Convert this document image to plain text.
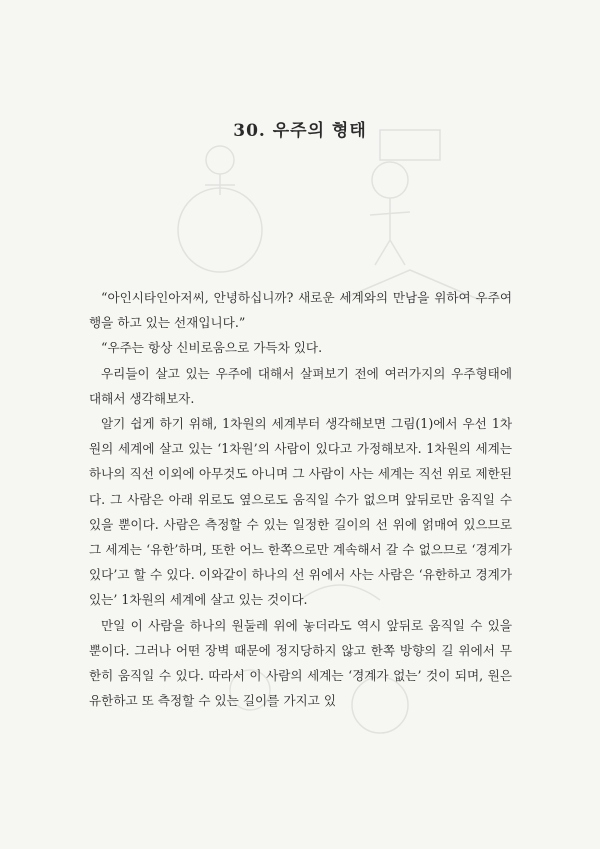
30. 우주의 형태

“아인시타인아저씨, 안녕하십니까? 새로운 세계와의 만남을 위하여 우주여행을 하고 있는 선재입니다.”

“우주는 항상 신비로움으로 가득차 있다.

우리들이 살고 있는 우주에 대해서 살펴보기 전에 여러가지의 우주형태에 대해서 생각해보자.

알기 쉽게 하기 위해, 1차원의 세계부터 생각해보면 그림(1)에서 우선 1차원의 세계에 살고 있는 ‘1차원’의 사람이 있다고 가정해보자. 1차원의 세계는 하나의 직선 이외에 아무것도 아니며 그 사람이 사는 세계는 직선 위로 제한된다. 그 사람은 아래 위로도 옆으로도 움직일 수가 없으며 앞뒤로만 움직일 수 있을 뿐이다. 사람은 측정할 수 있는 일정한 길이의 선 위에 얽매여 있으므로 그 세계는 ‘유한’하며, 또한 어느 한쪽으로만 계속해서 갈 수 없으므로 ‘경계가 있다’고 할 수 있다. 이와같이 하나의 선 위에서 사는 사람은 ‘유한하고 경계가 있는’ 1차원의 세계에 살고 있는 것이다.

만일 이 사람을 하나의 원둘레 위에 놓더라도 역시 앞뒤로 움직일 수 있을 뿐이다. 그러나 어떤 장벽 때문에 정지당하지 않고 한쪽 방향의 길 위에서 무한히 움직일 수 있다. 따라서 이 사람의 세계는 ‘경계가 없는’ 것이 되며, 원은 유한하고 또 측정할 수 있는 길이를 가지고 있
